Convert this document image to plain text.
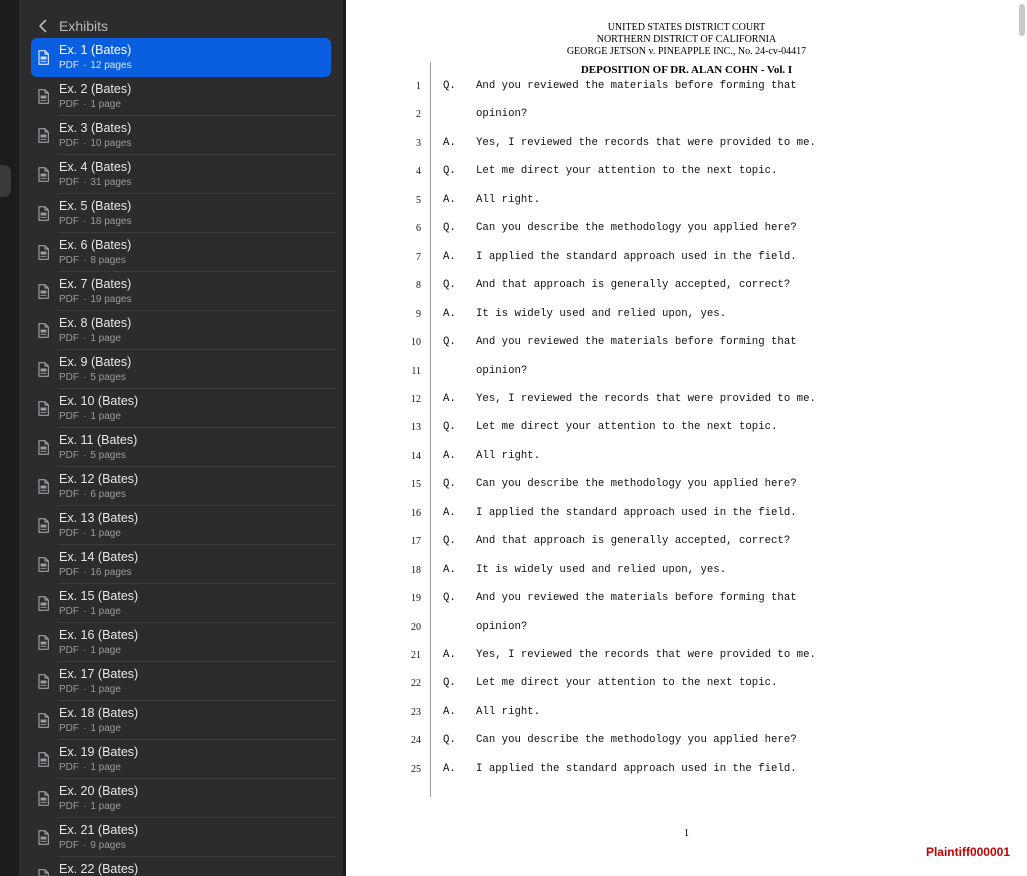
Exhibits
Ex. 1 (Bates)
PDF · 12 pages
Ex. 2 (Bates)
PDF · 1 page
Ex. 3 (Bates)
PDF · 10 pages
Ex. 4 (Bates)
PDF · 31 pages
Ex. 5 (Bates)
PDF · 18 pages
Ex. 6 (Bates)
PDF · 8 pages
Ex. 7 (Bates)
PDF · 19 pages
Ex. 8 (Bates)
PDF · 1 page
Ex. 9 (Bates)
PDF · 5 pages
Ex. 10 (Bates)
PDF · 1 page
Ex. 11 (Bates)
PDF · 5 pages
Ex. 12 (Bates)
PDF · 6 pages
Ex. 13 (Bates)
PDF · 1 page
Ex. 14 (Bates)
PDF · 16 pages
Ex. 15 (Bates)
PDF · 1 page
Ex. 16 (Bates)
PDF · 1 page
Ex. 17 (Bates)
PDF · 1 page
Ex. 18 (Bates)
PDF · 1 page
Ex. 19 (Bates)
PDF · 1 page
Ex. 20 (Bates)
PDF · 1 page
Ex. 21 (Bates)
PDF · 9 pages
Ex. 22 (Bates)
UNITED STATES DISTRICT COURT
NORTHERN DISTRICT OF CALIFORNIA
GEORGE JETSON v. PINEAPPLE INC., No. 24-cv-04417
DEPOSITION OF DR. ALAN COHN - Vol. I
1 Q. And you reviewed the materials before forming that
2	opinion?
3 A. Yes, I reviewed the records that were provided to me.
4 Q. Let me direct your attention to the next topic.
5 A. All right.
6 Q. Can you describe the methodology you applied here?
7 A. I applied the standard approach used in the field.
8 Q. And that approach is generally accepted, correct?
9 A. It is widely used and relied upon, yes.
10 Q. And you reviewed the materials before forming that
11	opinion?
12 A. Yes, I reviewed the records that were provided to me.
13 Q. Let me direct your attention to the next topic.
14 A. All right.
15 Q. Can you describe the methodology you applied here?
16 A. I applied the standard approach used in the field.
17 Q. And that approach is generally accepted, correct?
18 A. It is widely used and relied upon, yes.
19 Q. And you reviewed the materials before forming that
20	opinion?
21 A. Yes, I reviewed the records that were provided to me.
22 Q. Let me direct your attention to the next topic.
23 A. All right.
24 Q. Can you describe the methodology you applied here?
25 A. I applied the standard approach used in the field.
1
Plaintiff000001
